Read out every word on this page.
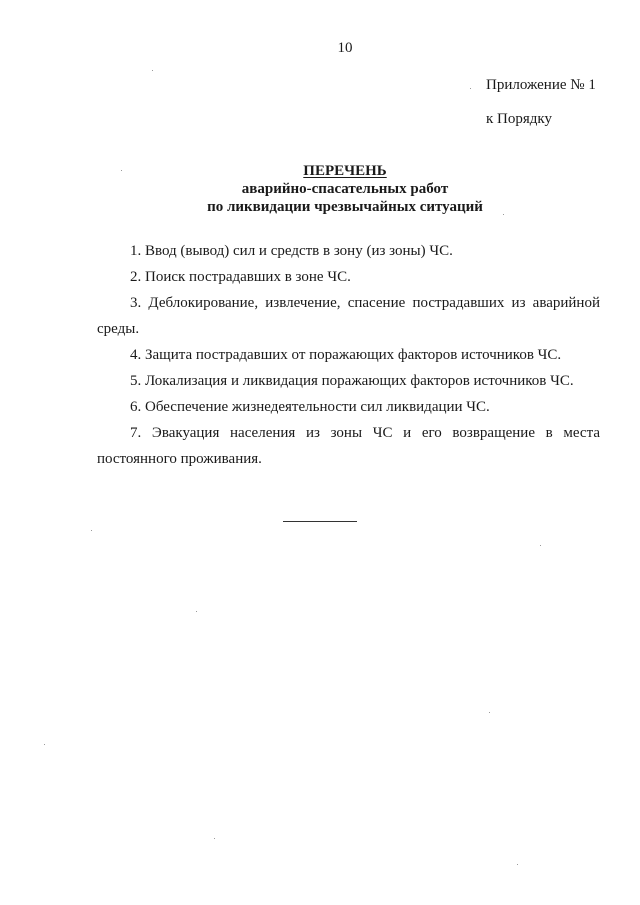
10
Приложение № 1
к Порядку
ПЕРЕЧЕНЬ
аварийно-спасательных работ
по ликвидации чрезвычайных ситуаций

1. Ввод (вывод) сил и средств в зону (из зоны) ЧС.

2. Поиск пострадавших в зоне ЧС.

3. Деблокирование, извлечение, спасение пострадавших из аварийной среды.

4. Защита пострадавших от поражающих факторов источников ЧС.

5. Локализация и ликвидация поражающих факторов источников ЧС.

6. Обеспечение жизнедеятельности сил ликвидации ЧС.

7. Эвакуация населения из зоны ЧС и его возвращение в места постоянного проживания.
